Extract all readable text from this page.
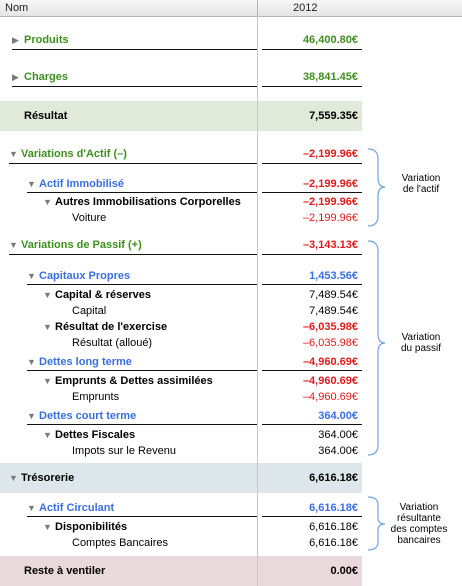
Nom	2012
▶ Produits	46,400.80€
▶ Charges	38,841.45€
Résultat	7,559.35€
▼ Variations d'Actif (–)	–2,199.96€
▼ Actif Immobilisé	–2,199.96€
▼ Autres Immobilisations Corporelles	–2,199.96€
Voiture	–2,199.96€
▼ Variations de Passif (+)	–3,143.13€
▼ Capitaux Propres	1,453.56€
▼ Capital & réserves	7,489.54€
Capital	7,489.54€
▼ Résultat de l'exercise	–6,035.98€
Résultat (alloué)	–6,035.98€
▼ Dettes long terme	–4,960.69€
▼ Emprunts & Dettes assimilées	–4,960.69€
Emprunts	–4,960.69€
▼ Dettes court terme	364.00€
▼ Dettes Fiscales	364.00€
Impots sur le Revenu	364.00€
▼ Trésorerie	6,616.18€
▼ Actif Circulant	6,616.18€
▼ Disponibilités	6,616.18€
Comptes Bancaires	6,616.18€
Reste à ventiler	0.00€
Variation
de l'actif
Variation
du passif
Variation
résultante
des comptes
bancaires
